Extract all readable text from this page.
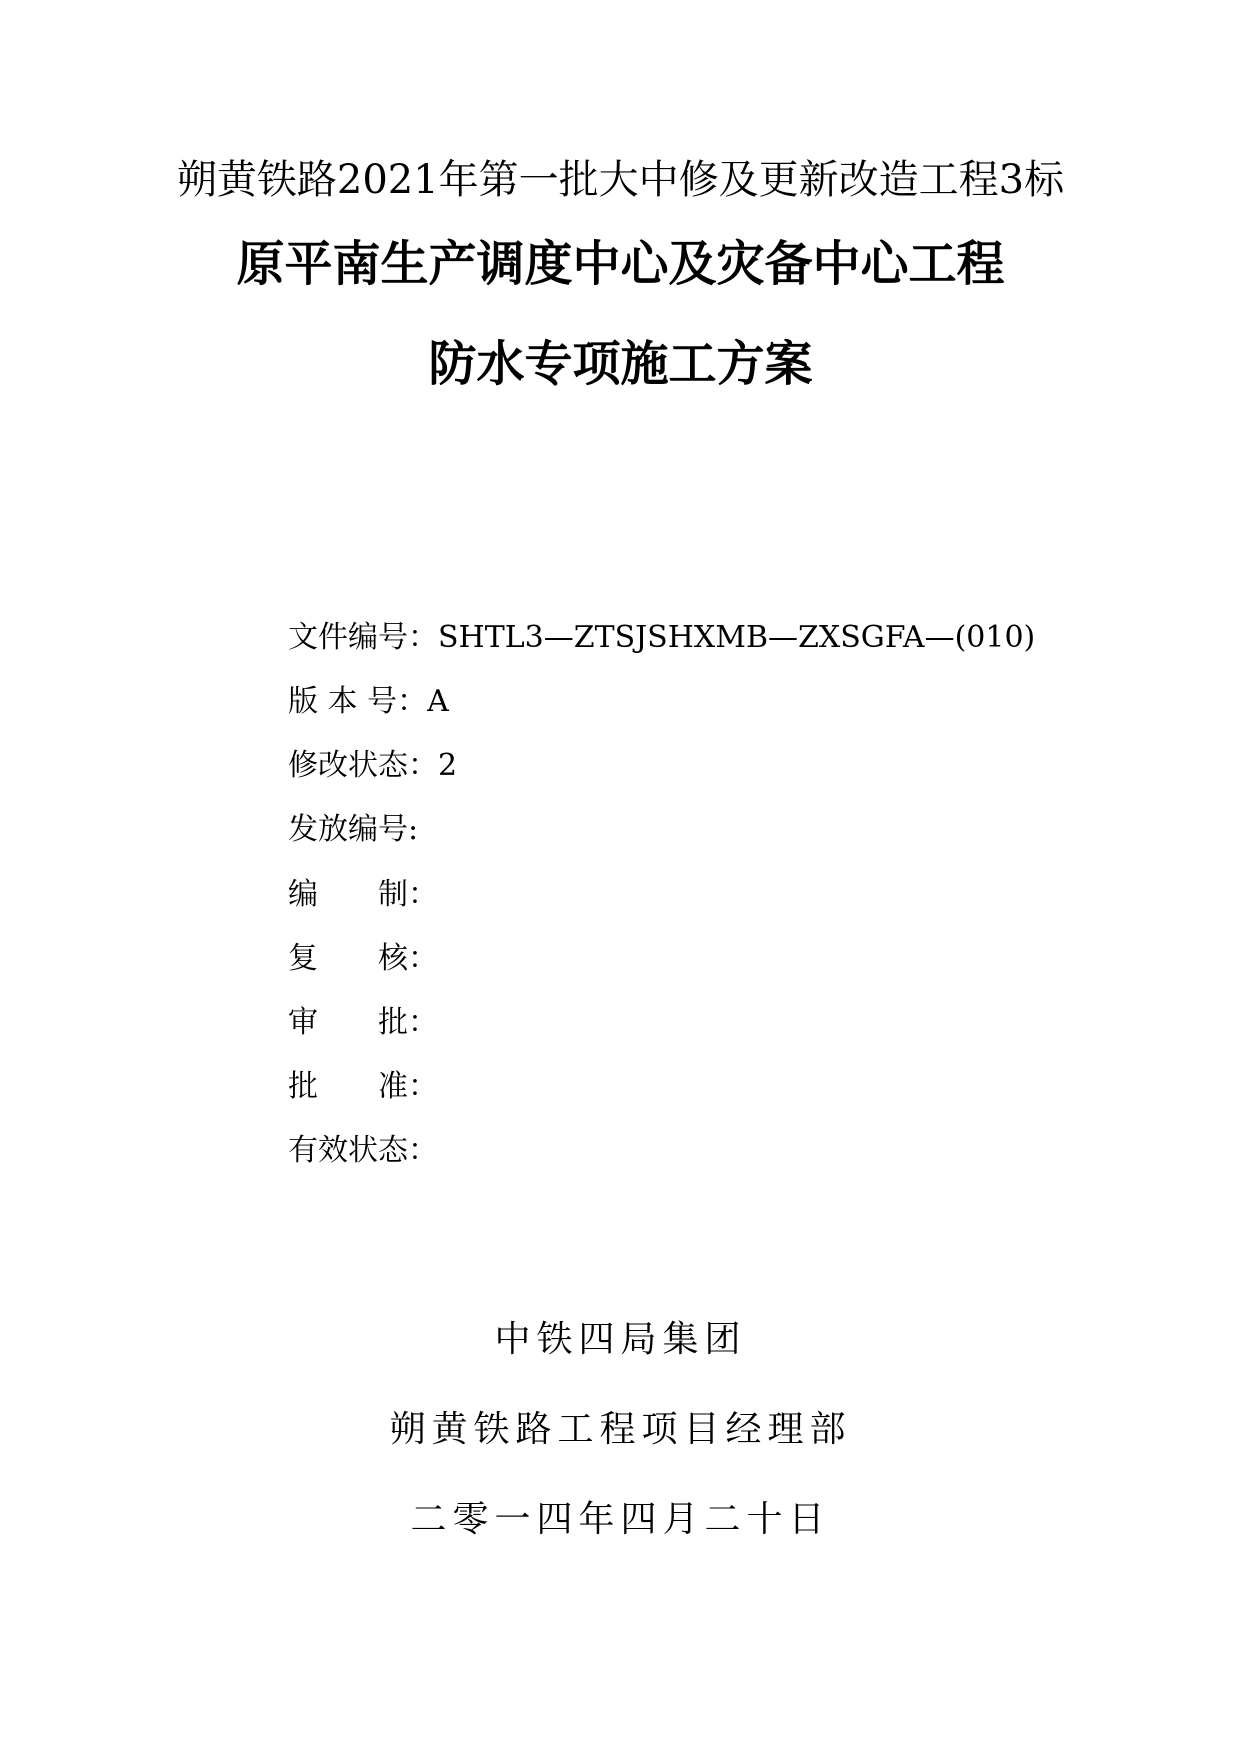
朔黄铁路2021年第一批大中修及更新改造工程3标
原平南生产调度中心及灾备中心工程
防水专项施工方案
文件编号：SHTL3—ZTSJSHXMB—ZXSGFA—(010)
版 本 号：A
修改状态：2
发放编号:
编　　制：
复　　核：
审　　批：
批　　准：
有效状态：
中铁四局集团
朔黄铁路工程项目经理部
二零一四年四月二十日
